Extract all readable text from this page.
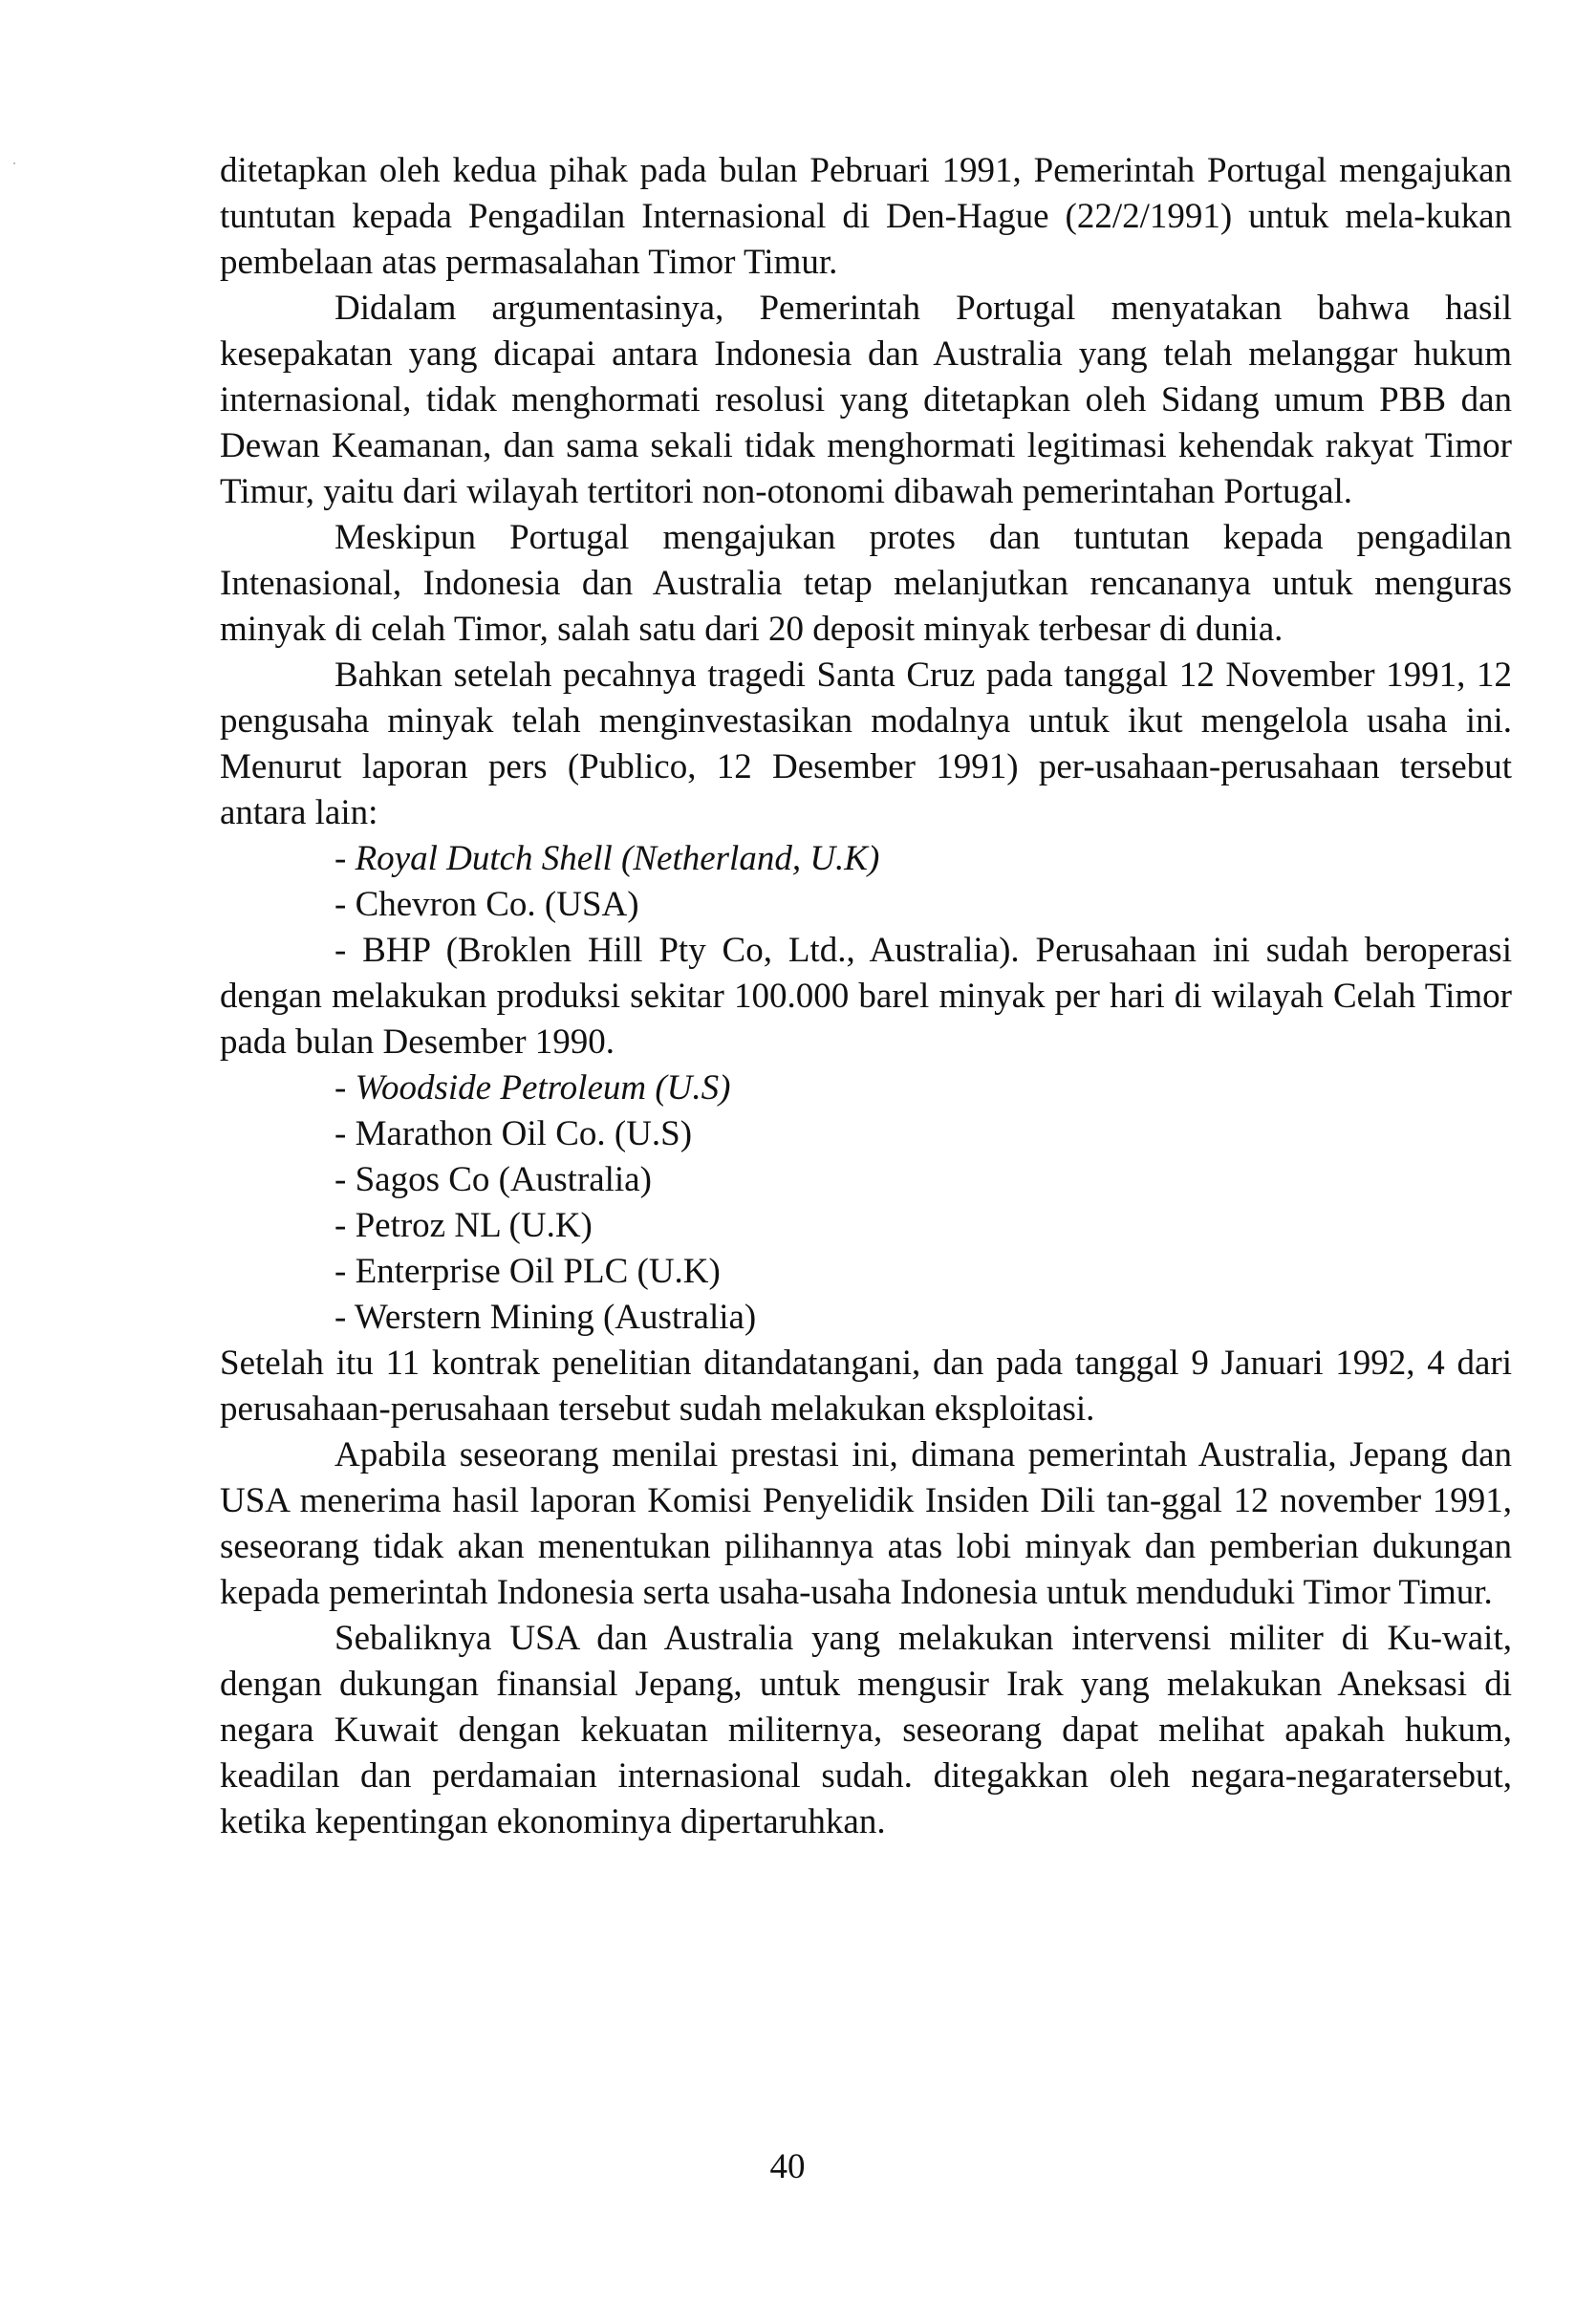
ditetapkan oleh kedua pihak pada bulan Pebruari 1991, Pemerintah Portugal mengajukan tuntutan kepada Pengadilan Internasional di Den-Hague (22/2/1991) untuk mela-kukan pembelaan atas permasalahan Timor Timur.

Didalam argumentasinya, Pemerintah Portugal menyatakan bahwa hasil kesepakatan yang dicapai antara Indonesia dan Australia yang telah melanggar hukum internasional, tidak menghormati resolusi yang ditetapkan oleh Sidang umum PBB dan Dewan Keamanan, dan sama sekali tidak menghormati legitimasi kehendak rakyat Timor Timur, yaitu dari wilayah tertitori non-otonomi dibawah pemerintahan Portugal.

Meskipun Portugal mengajukan protes dan tuntutan kepada pengadilan Intenasional, Indonesia dan Australia tetap melanjutkan rencananya untuk menguras minyak di celah Timor, salah satu dari 20 deposit minyak terbesar di dunia.

Bahkan setelah pecahnya tragedi Santa Cruz pada tanggal 12 November 1991, 12 pengusaha minyak telah menginvestasikan modalnya untuk ikut mengelola usaha ini. Menurut laporan pers (Publico, 12 Desember 1991) per-usahaan-perusahaan tersebut antara lain:

- Royal Dutch Shell (Netherland, U.K)

- Chevron Co. (USA)

- BHP (Broklen Hill Pty Co, Ltd., Australia). Perusahaan ini sudah beroperasi dengan melakukan produksi sekitar 100.000 barel minyak per hari di wilayah Celah Timor pada bulan Desember 1990.

- Woodside Petroleum (U.S)

- Marathon Oil Co. (U.S)

- Sagos Co (Australia)

- Petroz NL (U.K)

- Enterprise Oil PLC (U.K)

- Werstern Mining (Australia)

Setelah itu 11 kontrak penelitian ditandatangani, dan pada tanggal 9 Januari 1992, 4 dari perusahaan-perusahaan tersebut sudah melakukan eksploitasi.

Apabila seseorang menilai prestasi ini, dimana pemerintah Australia, Jepang dan USA menerima hasil laporan Komisi Penyelidik Insiden Dili tan-ggal 12 november 1991, seseorang tidak akan menentukan pilihannya atas lobi minyak dan pemberian dukungan kepada pemerintah Indonesia serta usaha-usaha Indonesia untuk menduduki Timor Timur.

Sebaliknya USA dan Australia yang melakukan intervensi militer di Ku-wait, dengan dukungan finansial Jepang, untuk mengusir Irak yang melakukan Aneksasi di negara Kuwait dengan kekuatan militernya, seseorang dapat melihat apakah hukum, keadilan dan perdamaian internasional sudah. ditegakkan oleh negara-negaratersebut, ketika kepentingan ekonominya dipertaruhkan.

40
